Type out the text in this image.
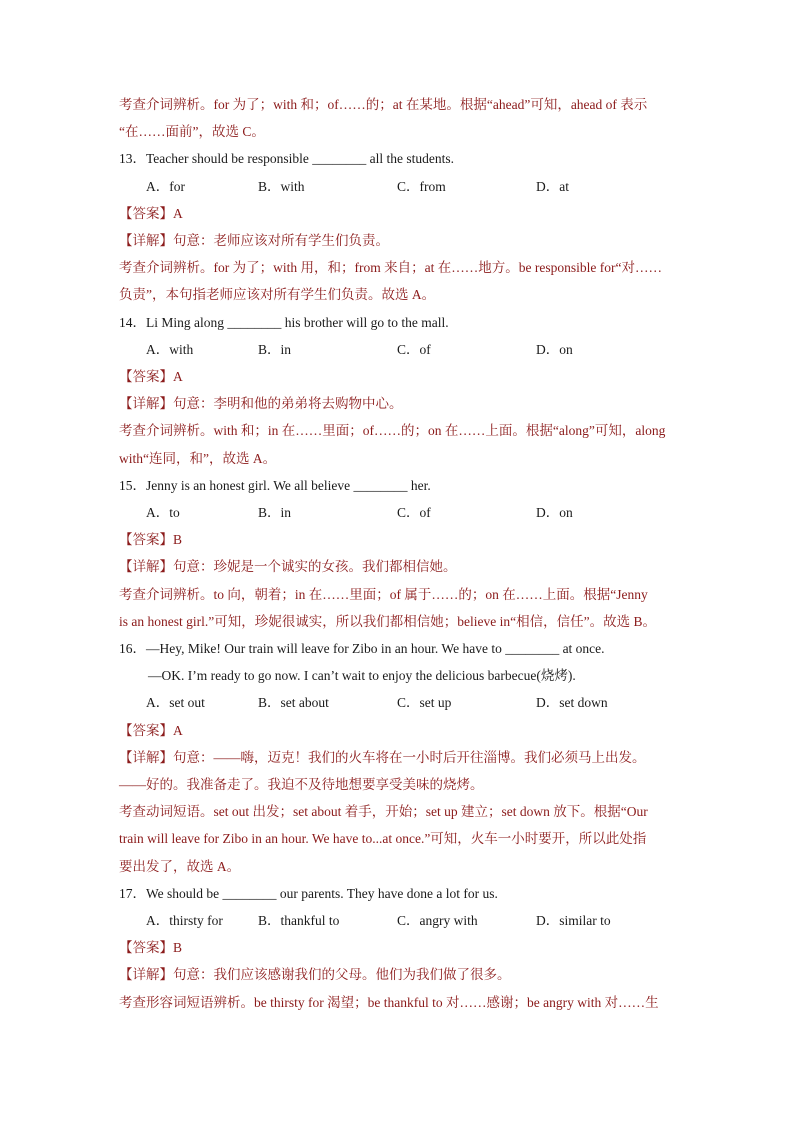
考查介词辨析。for 为了；with 和；of……的；at 在某地。根据“ahead”可知，ahead of 表示
“在……面前”，故选 C。
13．Teacher should be responsible ________ all the students.
A．for	B．with	C．from	D．at
【答案】A
【详解】句意：老师应该对所有学生们负责。
考查介词辨析。for 为了；with 用，和；from 来自；at 在……地方。be responsible for“对……
负责”，本句指老师应该对所有学生们负责。故选 A。
14．Li Ming along ________ his brother will go to the mall.
A．with	B．in	C．of	D．on
【答案】A
【详解】句意：李明和他的弟弟将去购物中心。
考查介词辨析。with 和；in 在……里面；of……的；on 在……上面。根据“along”可知，along
with“连同，和”，故选 A。
15．Jenny is an honest girl. We all believe ________ her.
A．to	B．in	C．of	D．on
【答案】B
【详解】句意：珍妮是一个诚实的女孩。我们都相信她。
考查介词辨析。to 向，朝着；in 在……里面；of 属于……的；on 在……上面。根据“Jenny
is an honest girl.”可知，珍妮很诚实，所以我们都相信她；believe in“相信，信任”。故选 B。
16．—Hey, Mike! Our train will leave for Zibo in an hour. We have to ________ at once.
—OK. I’m ready to go now. I can’t wait to enjoy the delicious barbecue(烧烤).
A．set out	B．set about	C．set up	D．set down
【答案】A
【详解】句意：——嗨，迈克！我们的火车将在一小时后开往淄博。我们必须马上出发。
——好的。我准备走了。我迫不及待地想要享受美味的烧烤。
考查动词短语。set out 出发；set about 着手，开始；set up 建立；set down 放下。根据“Our
train will leave for Zibo in an hour. We have to...at once.”可知，火车一小时要开，所以此处指
要出发了，故选 A。
17．We should be ________ our parents. They have done a lot for us.
A．thirsty for	B．thankful to	C．angry with	D．similar to
【答案】B
【详解】句意：我们应该感谢我们的父母。他们为我们做了很多。
考查形容词短语辨析。be thirsty for 渴望；be thankful to 对……感谢；be angry with 对……生
